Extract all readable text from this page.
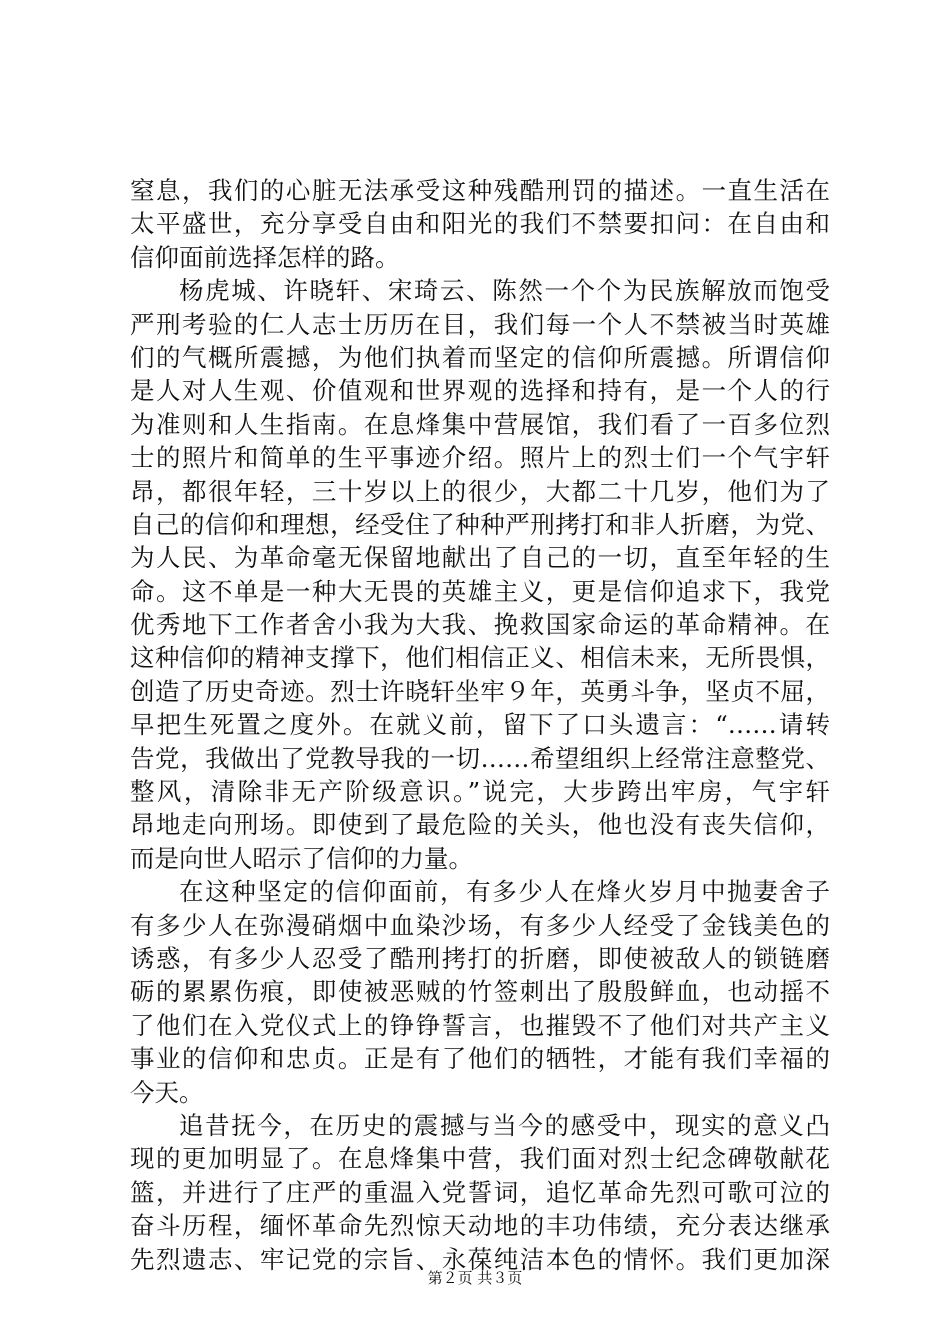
窒息，我们的心脏无法承受这种残酷刑罚的描述。一直生活在
太平盛世，充分享受自由和阳光的我们不禁要扣问：在自由和
信仰面前选择怎样的路。
杨虎城、许晓轩、宋琦云、陈然一个个为民族解放而饱受
严刑考验的仁人志士历历在目，我们每一个人不禁被当时英雄
们的气概所震撼，为他们执着而坚定的信仰所震撼。所谓信仰
是人对人生观、价值观和世界观的选择和持有，是一个人的行
为准则和人生指南。在息烽集中营展馆，我们看了一百多位烈
士的照片和简单的生平事迹介绍。照片上的烈士们一个气宇轩
昂，都很年轻，三十岁以上的很少，大都二十几岁，他们为了
自己的信仰和理想，经受住了种种严刑拷打和非人折磨，为党、
为人民、为革命毫无保留地献出了自己的一切，直至年轻的生
命。这不单是一种大无畏的英雄主义，更是信仰追求下，我党
优秀地下工作者舍小我为大我、挽救国家命运的革命精神。在
这种信仰的精神支撑下，他们相信正义、相信未来，无所畏惧，
创造了历史奇迹。烈士许晓轩坐牢９年，英勇斗争，坚贞不屈，
早把生死置之度外。在就义前，留下了口头遗言：“……请转
告党，我做出了党教导我的一切……希望组织上经常注意整党、
整风，清除非无产阶级意识。”说完，大步跨出牢房，气宇轩
昂地走向刑场。即使到了最危险的关头，他也没有丧失信仰，
而是向世人昭示了信仰的力量。
在这种坚定的信仰面前，有多少人在烽火岁月中抛妻舍子
有多少人在弥漫硝烟中血染沙场，有多少人经受了金钱美色的
诱惑，有多少人忍受了酷刑拷打的折磨，即使被敌人的锁链磨
砺的累累伤痕，即使被恶贼的竹签刺出了殷殷鲜血，也动摇不
了他们在入党仪式上的铮铮誓言，也摧毁不了他们对共产主义
事业的信仰和忠贞。正是有了他们的牺牲，才能有我们幸福的
今天。
追昔抚今，在历史的震撼与当今的感受中，现实的意义凸
现的更加明显了。在息烽集中营，我们面对烈士纪念碑敬献花
篮，并进行了庄严的重温入党誓词，追忆革命先烈可歌可泣的
奋斗历程，缅怀革命先烈惊天动地的丰功伟绩，充分表达继承
先烈遗志、牢记党的宗旨、永葆纯洁本色的情怀。我们更加深
第２页 共３页
